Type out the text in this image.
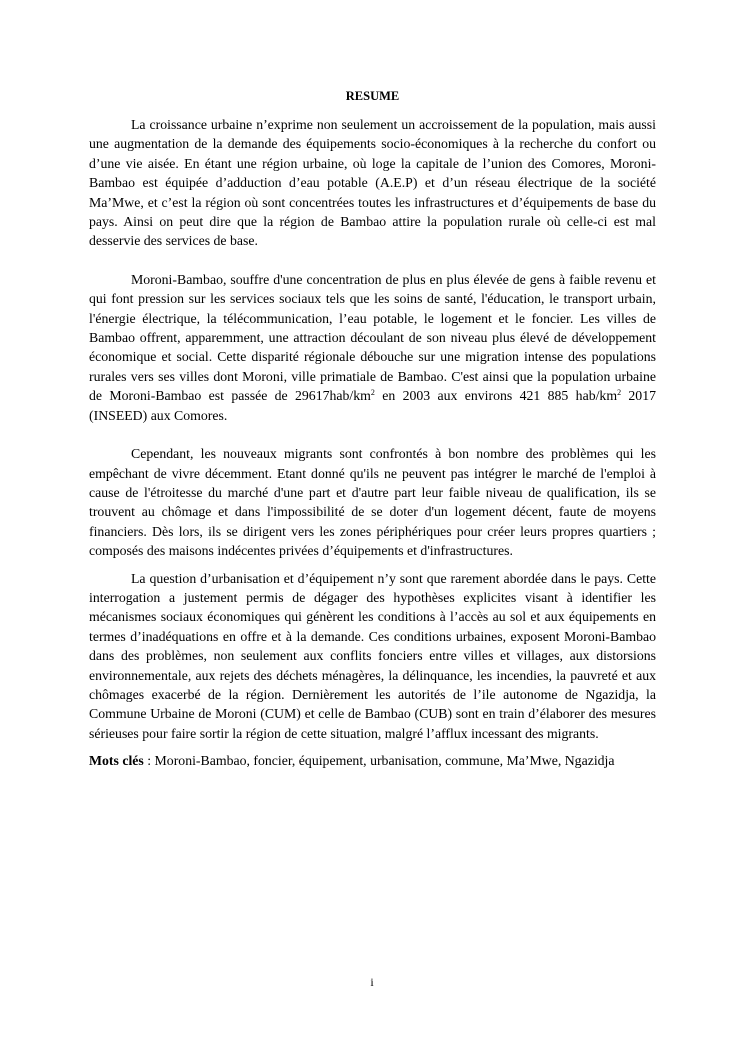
RESUME

La croissance urbaine n’exprime non seulement un accroissement de la population, mais aussi une augmentation de la demande des équipements socio-économiques à la recherche du confort ou d’une vie aisée. En étant une région urbaine, où loge la capitale de l’union des Comores, Moroni-Bambao est équipée d’adduction d’eau potable (A.E.P) et d’un réseau électrique de la société Ma’Mwe, et c’est la région où sont concentrées toutes les infrastructures et d’équipements de base du pays. Ainsi on peut dire que la région de Bambao attire la population rurale où celle-ci est mal desservie des services de base.

Moroni-Bambao, souffre d'une concentration de plus en plus élevée de gens à faible revenu et qui font pression sur les services sociaux tels que les soins de santé, l'éducation, le transport urbain, l'énergie électrique, la télécommunication, l’eau potable, le logement et le foncier. Les villes de Bambao offrent, apparemment, une attraction découlant de son niveau plus élevé de développement économique et social. Cette disparité régionale débouche sur une migration intense des populations rurales vers ses villes dont Moroni, ville primatiale de Bambao. C'est ainsi que la population urbaine de Moroni-Bambao est passée de $29617hab/km^2$ en 2003 aux environs 421 885 hab/$km^2$ 2017 (INSEED) aux Comores.

Cependant, les nouveaux migrants sont confrontés à bon nombre des problèmes qui les empêchant de vivre décemment. Etant donné qu'ils ne peuvent pas intégrer le marché de l'emploi à cause de l'étroitesse du marché d'une part et d'autre part leur faible niveau de qualification, ils se trouvent au chômage et dans l'impossibilité de se doter d'un logement décent, faute de moyens financiers. Dès lors, ils se dirigent vers les zones périphériques pour créer leurs propres quartiers ; composés des maisons indécentes privées d’équipements et d'infrastructures.

La question d’urbanisation et d’équipement n’y sont que rarement abordée dans le pays. Cette interrogation a justement permis de dégager des hypothèses explicites visant à identifier les mécanismes sociaux économiques qui génèrent les conditions à l’accès au sol et aux équipements en termes d’inadéquations en offre et à la demande. Ces conditions urbaines, exposent Moroni-Bambao dans des problèmes, non seulement aux conflits fonciers entre villes et villages, aux distorsions environnementale, aux rejets des déchets ménagères, la délinquance, les incendies, la pauvreté et aux chômages exacerbé de la région. Dernièrement les autorités de l’ile autonome de Ngazidja, la Commune Urbaine de Moroni (CUM) et celle de Bambao (CUB) sont en train d’élaborer des mesures sérieuses pour faire sortir la région de cette situation, malgré l’afflux incessant des migrants.

Mots clés : Moroni-Bambao, foncier, équipement, urbanisation, commune, Ma’Mwe, Ngazidja

i
